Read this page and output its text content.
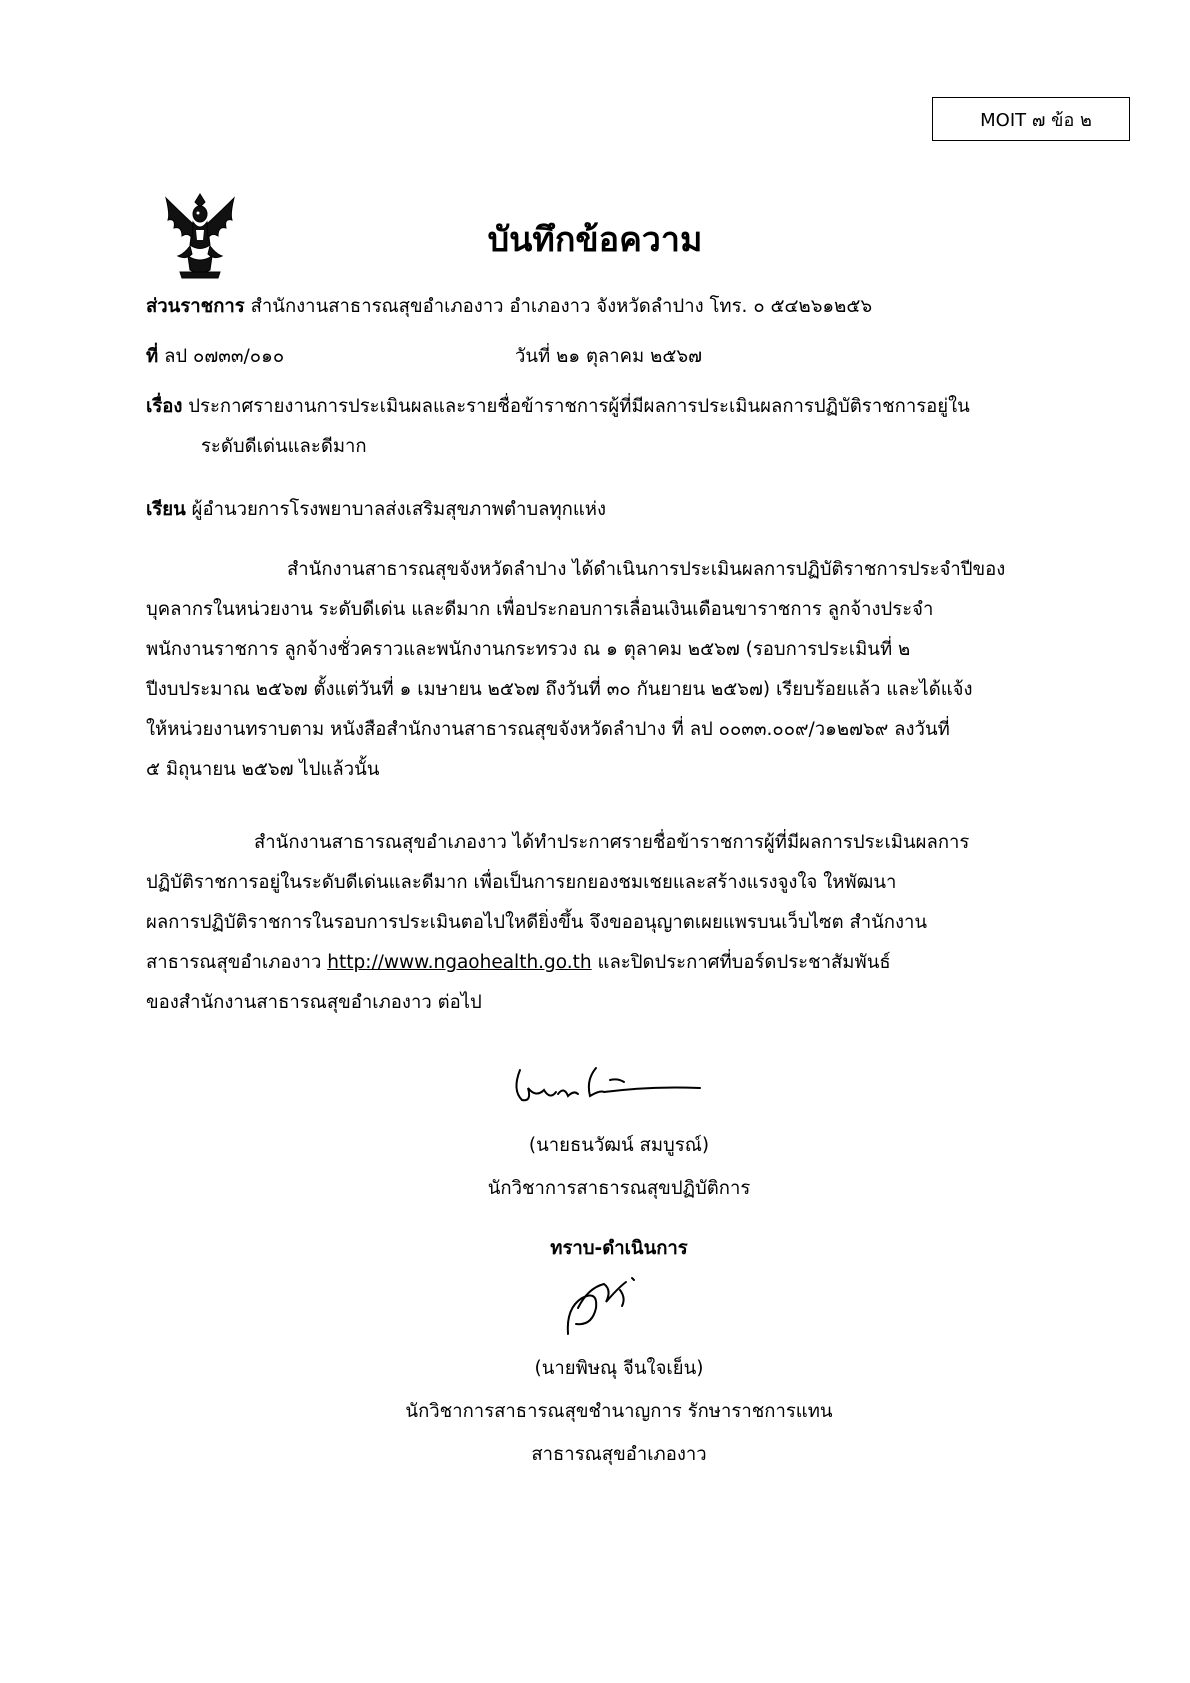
MOIT ๗ ข้อ ๒
บันทึกข้อความ
ส่วนราชการ สำนักงานสาธารณสุขอำเภองาว อำเภองาว จังหวัดลำปาง โทร. ๐ ๕๔๒๖๑๒๕๖
ที่ ลป ๐๗๓๓/๐๑๐	วันที่ ๒๑ ตุลาคม ๒๕๖๗
เรื่อง ประกาศรายงานการประเมินผลและรายชื่อข้าราชการผู้ที่มีผลการประเมินผลการปฏิบัติราชการอยู่ใน
ระดับดีเด่นและดีมาก
เรียน ผู้อำนวยการโรงพยาบาลส่งเสริมสุขภาพตำบลทุกแห่ง
สำนักงานสาธารณสุขจังหวัดลำปาง ได้ดำเนินการประเมินผลการปฏิบัติราชการประจำปีของ
บุคลากรในหน่วยงาน ระดับดีเด่น และดีมาก เพื่อประกอบการเลื่อนเงินเดือนขาราชการ ลูกจ้างประจำ
พนักงานราชการ ลูกจ้างชั่วคราวและพนักงานกระทรวง ณ ๑ ตุลาคม ๒๕๖๗ (รอบการประเมินที่ ๒
ปีงบประมาณ ๒๕๖๗ ตั้งแต่วันที่ ๑ เมษายน ๒๕๖๗ ถึงวันที่ ๓๐ กันยายน ๒๕๖๗) เรียบร้อยแล้ว และได้แจ้ง
ให้หน่วยงานทราบตาม หนังสือสำนักงานสาธารณสุขจังหวัดลำปาง ที่ ลป ๐๐๓๓.๐๐๙/ว๑๒๗๖๙ ลงวันที่
๕ มิถุนายน ๒๕๖๗ ไปแล้วนั้น
สำนักงานสาธารณสุขอำเภองาว ได้ทำประกาศรายชื่อข้าราชการผู้ที่มีผลการประเมินผลการ
ปฏิบัติราชการอยู่ในระดับดีเด่นและดีมาก เพื่อเป็นการยกยองชมเชยและสร้างแรงจูงใจ ใหพัฒนา
ผลการปฏิบัติราชการในรอบการประเมินตอไปใหดียิ่งขึ้น จึงขออนุญาตเผยแพรบนเว็บไซต สำนักงาน
สาธารณสุขอำเภองาว http://www.ngaohealth.go.th และปิดประกาศที่บอร์ดประชาสัมพันธ์
ของสำนักงานสาธารณสุขอำเภองาว ต่อไป
(นายธนวัฒน์ สมบูรณ์)
นักวิชาการสาธารณสุขปฏิบัติการ
ทราบ-ดำเนินการ
(นายพิษณุ จีนใจเย็น)
นักวิชาการสาธารณสุขชำนาญการ รักษาราชการแทน
สาธารณสุขอำเภองาว
